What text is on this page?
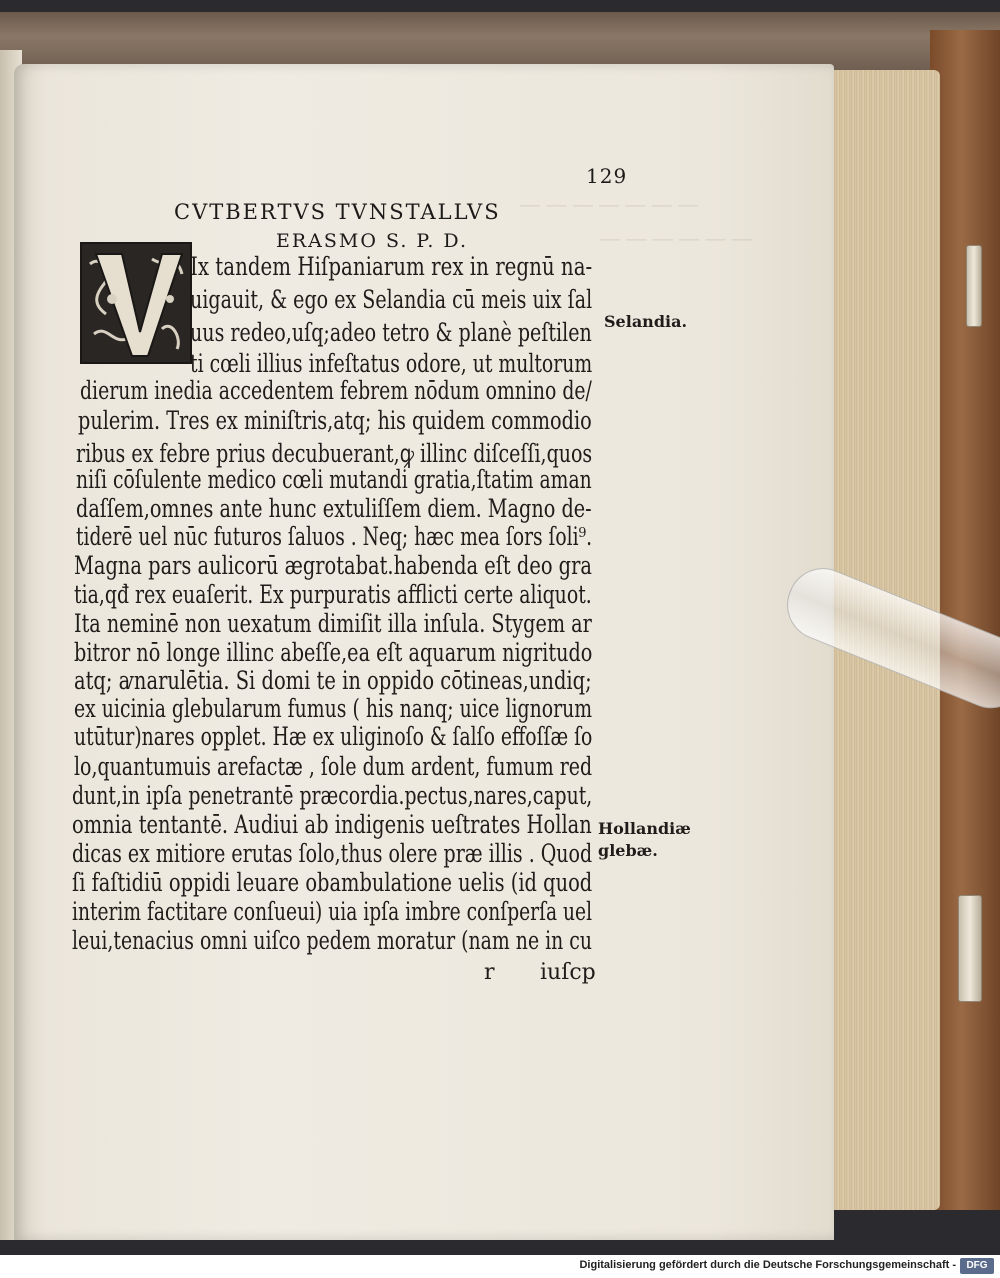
― ― ― ― ― ― ―
― ― ― ― ― ―
129
CVTBERTVS TVNSTALLVS
ERASMO S. P. D.
Ix tandem Hiſpaniarum rex in regnū na-
uigauit, & ego ex Selandia cū meis uix ſal
uus redeo,uſq;adeo tetro & planè peſtilen
ti cœli illius infeſtatus odore, ut multorum
dierum inedia accedentem febrem nōdum omnino de/
pulerim. Tres ex miniſtris,atq; his quidem commodio
ribus ex febre prius decubuerant,ꝙ illinc diſceſſi,quos
niſi cōſulente medico cœli mutandi gratia,ſtatim aman
daſſem,omnes ante hunc extuliſſem diem. Magno de-
tiderē uel nūc futuros ſaluos . Neq; hæc mea ſors ſoli⁹.
Magna pars aulicorū ægrotabat.habenda eſt deo gra
tia,qđ rex euaſerit. Ex purpuratis afflicti certe aliquot.
Ita neminē non uexatum dimiſit illa inſula. Stygem ar
bitror nō longe illinc abeſſe,ea eſt aquarum nigritudo
atq; ꜹnarulētia. Si domi te in oppido cōtineas,undiq;
ex uicinia glebularum fumus ( his nanq; uice lignorum
utūtur)nares opplet. Hæ ex uliginoſo & ſalſo effoſſæ ſo
lo,quantumuis arefactæ , ſole dum ardent, fumum red
dunt,in ipſa penetrantē præcordia.pectus,nares,caput,
omnia tentantē. Audiui ab indigenis ueſtrates Hollan
dicas ex mitiore erutas ſolo,thus olere præ illis . Quod
ſi faſtidiū oppidi leuare obambulatione uelis (id quod
interim factitare conſueui) uia ipſa imbre conſperſa uel
leui,tenacius omni uiſco pedem moratur (nam ne in cu
r iuſcp
Selandia.
Hollandiæ
glebæ.
Digitalisierung gefördert durch die Deutsche Forschungsgemeinschaft -	DFG
